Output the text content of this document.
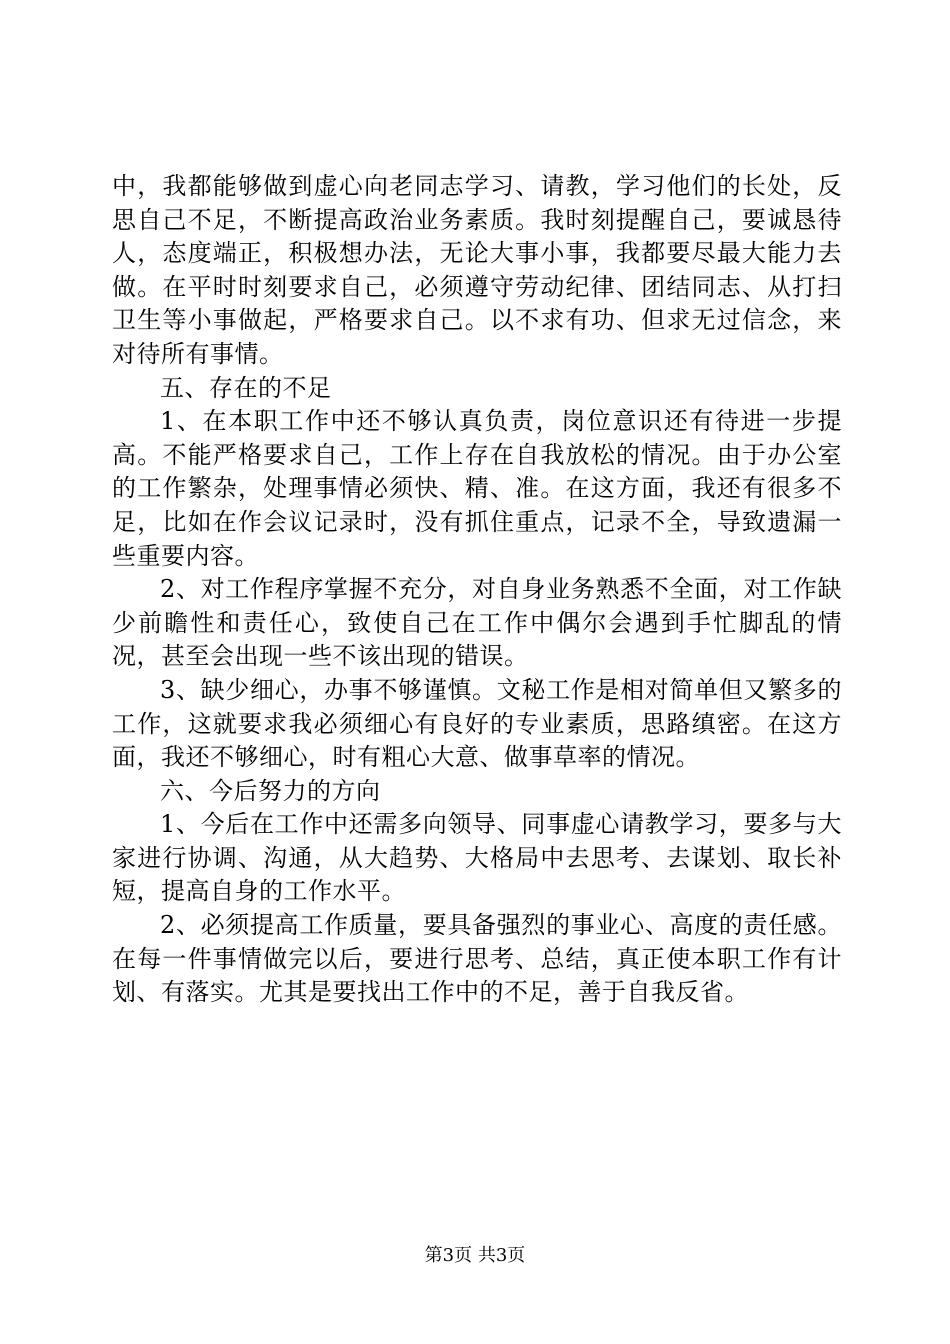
中，我都能够做到虚心向老同志学习、请教，学习他们的长处，反思自己不足，不断提高政治业务素质。我时刻提醒自己，要诚恳待人，态度端正，积极想办法，无论大事小事，我都要尽最大能力去做。在平时时刻要求自己，必须遵守劳动纪律、团结同志、从打扫卫生等小事做起，严格要求自己。以不求有功、但求无过信念，来对待所有事情。

五、存在的不足

1、在本职工作中还不够认真负责，岗位意识还有待进一步提高。不能严格要求自己，工作上存在自我放松的情况。由于办公室的工作繁杂，处理事情必须快、精、准。在这方面，我还有很多不足，比如在作会议记录时，没有抓住重点，记录不全，导致遗漏一些重要内容。

2、对工作程序掌握不充分，对自身业务熟悉不全面，对工作缺少前瞻性和责任心，致使自己在工作中偶尔会遇到手忙脚乱的情况，甚至会出现一些不该出现的错误。

3、缺少细心，办事不够谨慎。文秘工作是相对简单但又繁多的工作，这就要求我必须细心有良好的专业素质，思路缜密。在这方面，我还不够细心，时有粗心大意、做事草率的情况。

六、今后努力的方向

1、今后在工作中还需多向领导、同事虚心请教学习，要多与大家进行协调、沟通，从大趋势、大格局中去思考、去谋划、取长补短，提高自身的工作水平。

2、必须提高工作质量，要具备强烈的事业心、高度的责任感。在每一件事情做完以后，要进行思考、总结，真正使本职工作有计划、有落实。尤其是要找出工作中的不足，善于自我反省。

第3页 共3页
